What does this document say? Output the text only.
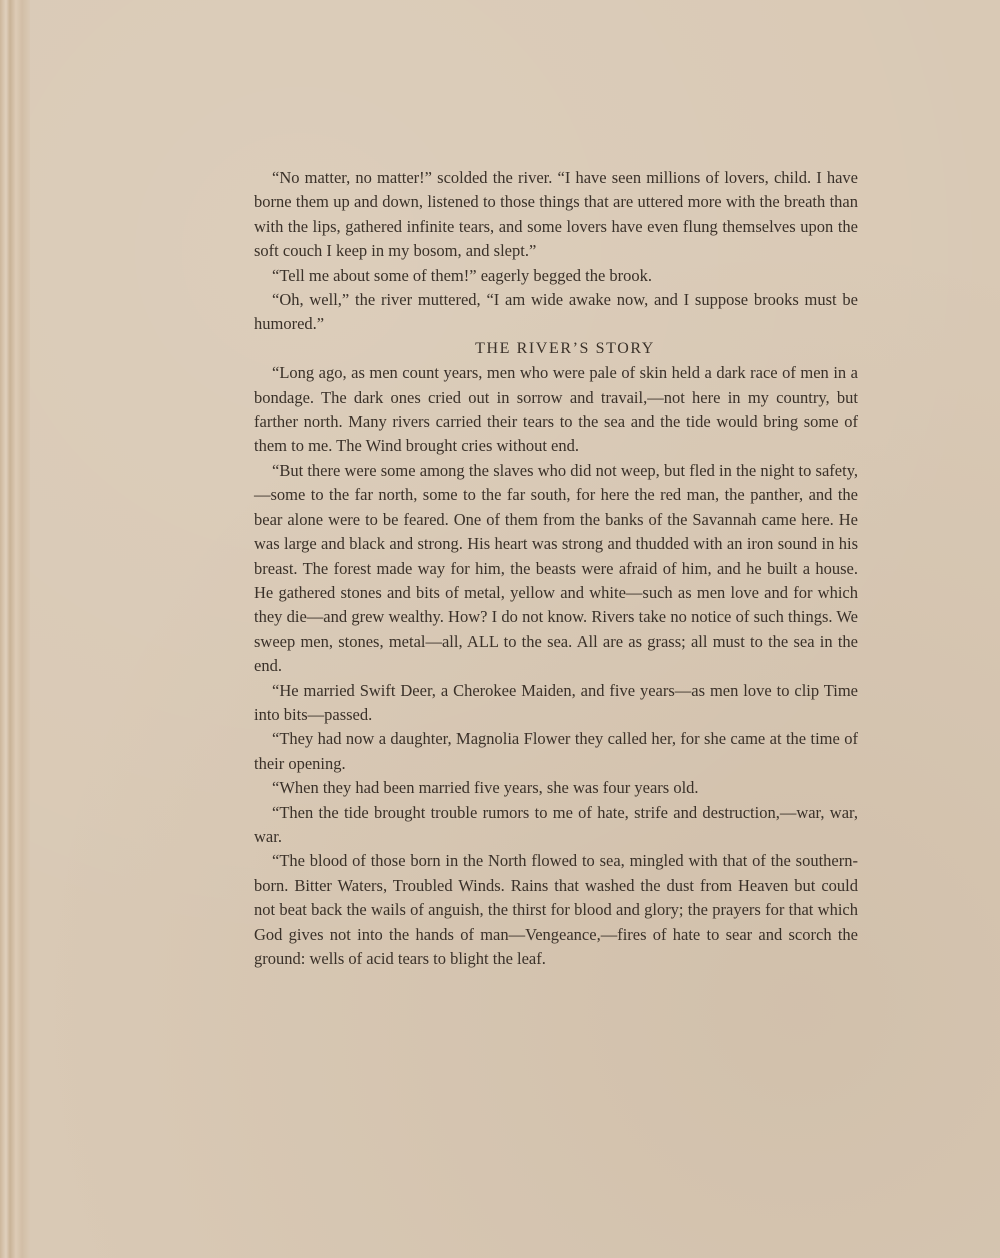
“No matter, no matter!” scolded the river. “I have seen millions of lovers, child. I have borne them up and down, listened to those things that are uttered more with the breath than with the lips, gathered infinite tears, and some lovers have even flung themselves upon the soft couch I keep in my bosom, and slept.”

“Tell me about some of them!” eagerly begged the brook.

“Oh, well,” the river muttered, “I am wide awake now, and I suppose brooks must be humored.”

THE RIVER’S STORY

“Long ago, as men count years, men who were pale of skin held a dark race of men in a bondage. The dark ones cried out in sorrow and travail,—not here in my country, but farther north. Many rivers carried their tears to the sea and the tide would bring some of them to me. The Wind brought cries without end.

“But there were some among the slaves who did not weep, but fled in the night to safety,—some to the far north, some to the far south, for here the red man, the panther, and the bear alone were to be feared. One of them from the banks of the Savannah came here. He was large and black and strong. His heart was strong and thudded with an iron sound in his breast. The forest made way for him, the beasts were afraid of him, and he built a house. He gathered stones and bits of metal, yellow and white—such as men love and for which they die—and grew wealthy. How? I do not know. Rivers take no notice of such things. We sweep men, stones, metal—all, ALL to the sea. All are as grass; all must to the sea in the end.

“He married Swift Deer, a Cherokee Maiden, and five years—as men love to clip Time into bits—passed.

“They had now a daughter, Magnolia Flower they called her, for she came at the time of their opening.

“When they had been married five years, she was four years old.

“Then the tide brought trouble rumors to me of hate, strife and destruction,—war, war, war.

“The blood of those born in the North flowed to sea, mingled with that of the southern-born. Bitter Waters, Troubled Winds. Rains that washed the dust from Heaven but could not beat back the wails of anguish, the thirst for blood and glory; the prayers for that which God gives not into the hands of man—Vengeance,—fires of hate to sear and scorch the ground: wells of acid tears to blight the leaf.
